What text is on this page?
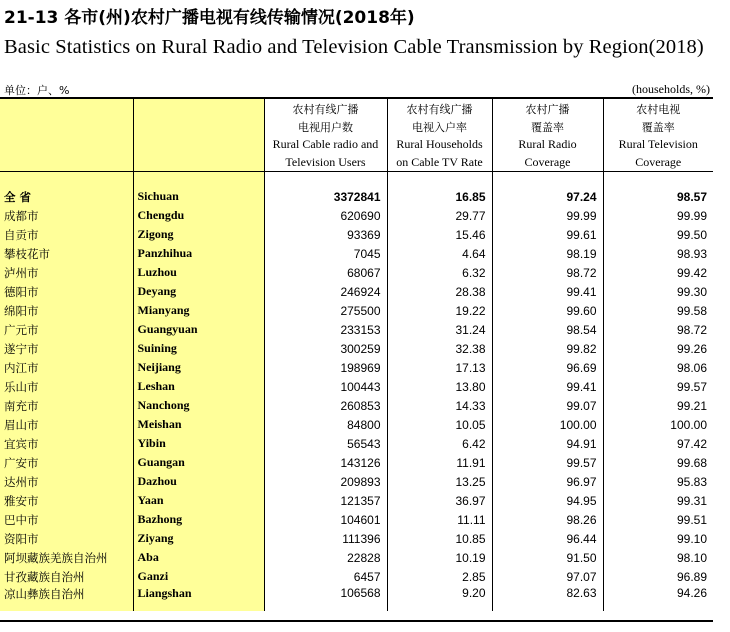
21-13 各市(州)农村广播电视有线传输情况(2018年)
Basic Statistics on Rural Radio and Television Cable Transmission by Region(2018)
单位：户、%	(households, %)

		农村有线广播
电视用户数
Rural Cable radio and
Television Users	农村有线广播
电视入户率
Rural Households
on Cable TV Rate	农村广播
覆盖率
Rural Radio
Coverage	农村电视
覆盖率
Rural Television
Coverage

全 省	Sichuan	3372841	16.85	97.24	98.57
成都市	Chengdu	620690	29.77	99.99	99.99
自贡市	Zigong	93369	15.46	99.61	99.50
攀枝花市	Panzhihua	7045	4.64	98.19	98.93
泸州市	Luzhou	68067	6.32	98.72	99.42
德阳市	Deyang	246924	28.38	99.41	99.30
绵阳市	Mianyang	275500	19.22	99.60	99.58
广元市	Guangyuan	233153	31.24	98.54	98.72
遂宁市	Suining	300259	32.38	99.82	99.26
内江市	Neijiang	198969	17.13	96.69	98.06
乐山市	Leshan	100443	13.80	99.41	99.57
南充市	Nanchong	260853	14.33	99.07	99.21
眉山市	Meishan	84800	10.05	100.00	100.00
宜宾市	Yibin	56543	6.42	94.91	97.42
广安市	Guangan	143126	11.91	99.57	99.68
达州市	Dazhou	209893	13.25	96.97	95.83
雅安市	Yaan	121357	36.97	94.95	99.31
巴中市	Bazhong	104601	11.11	98.26	99.51
资阳市	Ziyang	111396	10.85	96.44	99.10
阿坝藏族羌族自治州	Aba	22828	10.19	91.50	98.10
甘孜藏族自治州	Ganzi	6457	2.85	97.07	96.89
凉山彝族自治州	Liangshan	106568	9.20	82.63	94.26
